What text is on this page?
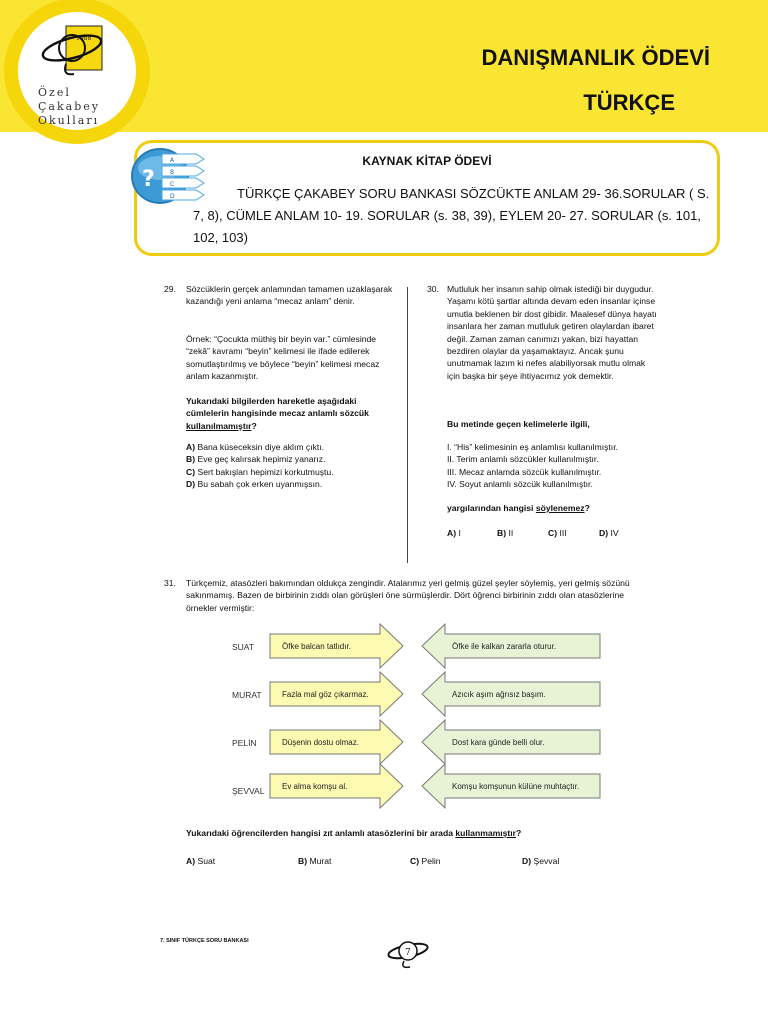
1988
Özel
Çakabey
Okulları
DANIŞMANLIK ÖDEVİ
TÜRKÇE
?
A
B
C
D
KAYNAK KİTAP ÖDEVİ
TÜRKÇE ÇAKABEY SORU BANKASI SÖZCÜKTE ANLAM 29- 36.SORULAR ( S. 7, 8), CÜMLE ANLAM 10- 19. SORULAR (s. 38, 39), EYLEM 20- 27. SORULAR (s. 101, 102, 103)
29.	Sözcüklerin gerçek anlamından tamamen uzaklaşarak kazandığı yeni anlama “mecaz anlam” denir.
Örnek: “Çocukta müthiş bir beyin var.” cümlesinde “zekâ” kavramı “beyin” kelimesi ile ifade edilerek somutlaştırılmış ve böylece “beyin” kelimesi mecaz anlam kazanmıştır.
Yukarıdaki bilgilerden hareketle aşağıdaki cümlelerin hangisinde mecaz anlamlı sözcük kullanılmamıştır?
A) Bana küseceksin diye aklım çıktı.
B) Eve geç kalırsak hepimiz yanarız.
C) Sert bakışları hepimizi korkutmuştu.
D) Bu sabah çok erken uyanmışsın.
30. Mutluluk her insanın sahip olmak istediği bir duygudur. Yaşamı kötü şartlar altında devam eden insanlar içinse umutla beklenen bir dost gibidir. Maalesef dünya hayatı insanlara her zaman mutluluk getiren olaylardan ibaret değil. Zaman zaman canımızı yakan, bizi hayattan bezdiren olaylar da yaşamaktayız. Ancak şunu unutmamak lazım ki nefes alabiliyorsak mutlu olmak için başka bir şeye ihtiyacımız yok demektir.
Bu metinde geçen kelimelerle ilgili,
I. “His” kelimesinin eş anlamlısı kullanılmıştır.
II. Terim anlamlı sözcükler kullanılmıştır.
III. Mecaz anlamda sözcük kullanılmıştır.
IV. Soyut anlamlı sözcük kullanılmıştır.
yargılarından hangisi söylenemez?
A) I	B) II	C) III	D) IV
31.	Türkçemiz, atasözleri bakımından oldukça zengindir. Atalarımız yeri gelmiş güzel şeyler söylemiş, yeri gelmiş sözünü sakınmamış. Bazen de birbirinin zıddı olan görüşleri öne sürmüşlerdir. Dört öğrenci birbirinin zıddı olan atasözlerine örnekler vermiştir:
SUAT	Öfke balcan tatlıdır.	Öfke ile kalkan zararla oturur.
MURAT	Fazla mal göz çıkarmaz.	Azıcık aşım ağrısız başım.
PELİN	Düşenin dostu olmaz.	Dost kara günde belli olur.
ŞEVVAL Ev alma komşu al.	Komşu komşunun külüne muhtaçtır.
Yukarıdaki öğrencilerden hangisi zıt anlamlı atasözlerini bir arada kullanmamıştır?
A) Suat	B) Murat	C) Pelin	D) Şevval
7. SINIF TÜRKÇE SORU BANKASI
7
